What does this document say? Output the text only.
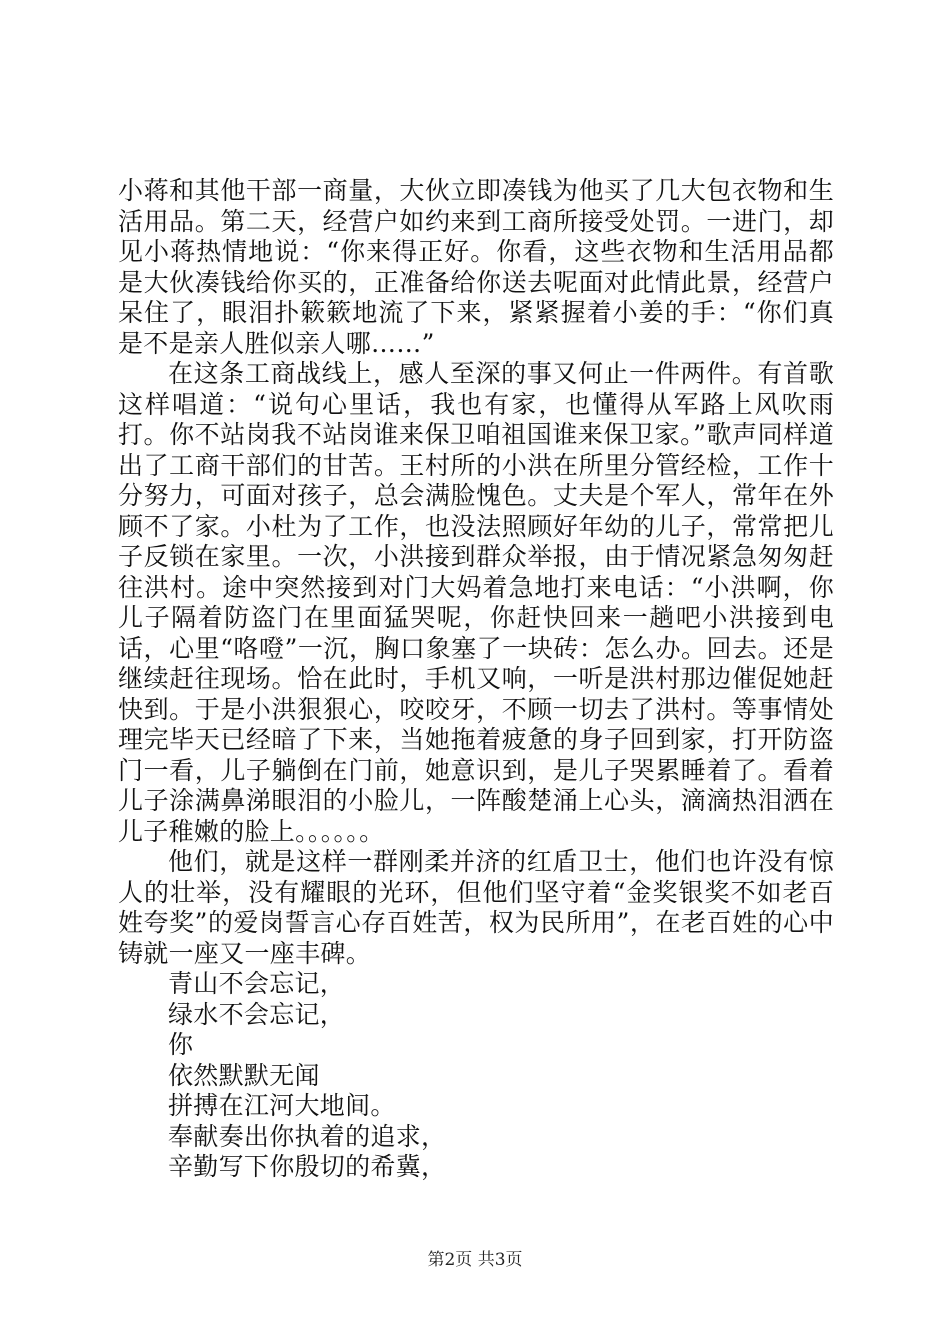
小蒋和其他干部一商量，大伙立即凑钱为他买了几大包衣物和生活用品。第二天，经营户如约来到工商所接受处罚。一进门，却见小蒋热情地说：“你来得正好。你看，这些衣物和生活用品都是大伙凑钱给你买的，正准备给你送去呢面对此情此景，经营户呆住了，眼泪扑簌簌地流了下来，紧紧握着小姜的手：“你们真是不是亲人胜似亲人哪……”

在这条工商战线上，感人至深的事又何止一件两件。有首歌这样唱道：“说句心里话，我也有家，也懂得从军路上风吹雨打。你不站岗我不站岗谁来保卫咱祖国谁来保卫家。”歌声同样道出了工商干部们的甘苦。王村所的小洪在所里分管经检，工作十分努力，可面对孩子，总会满脸愧色。丈夫是个军人，常年在外顾不了家。小杜为了工作，也没法照顾好年幼的儿子，常常把儿子反锁在家里。一次，小洪接到群众举报，由于情况紧急匆匆赶往洪村。途中突然接到对门大妈着急地打来电话：“小洪啊，你儿子隔着防盗门在里面猛哭呢，你赶快回来一趟吧小洪接到电话，心里“咯噔”一沉，胸口象塞了一块砖：怎么办。回去。还是继续赶往现场。恰在此时，手机又响，一听是洪村那边催促她赶快到。于是小洪狠狠心，咬咬牙，不顾一切去了洪村。等事情处理完毕天已经暗了下来，当她拖着疲惫的身子回到家，打开防盗门一看，儿子躺倒在门前，她意识到，是儿子哭累睡着了。看着儿子涂满鼻涕眼泪的小脸儿，一阵酸楚涌上心头，滴滴热泪洒在儿子稚嫩的脸上。。。。。。

他们，就是这样一群刚柔并济的红盾卫士，他们也许没有惊人的壮举，没有耀眼的光环，但他们坚守着“金奖银奖不如老百姓夸奖”的爱岗誓言心存百姓苦，权为民所用”，在老百姓的心中铸就一座又一座丰碑。

青山不会忘记，
绿水不会忘记，
你
依然默默无闻
拼搏在江河大地间。
奉献奏出你执着的追求，
辛勤写下你殷切的希冀，
第2页 共3页
